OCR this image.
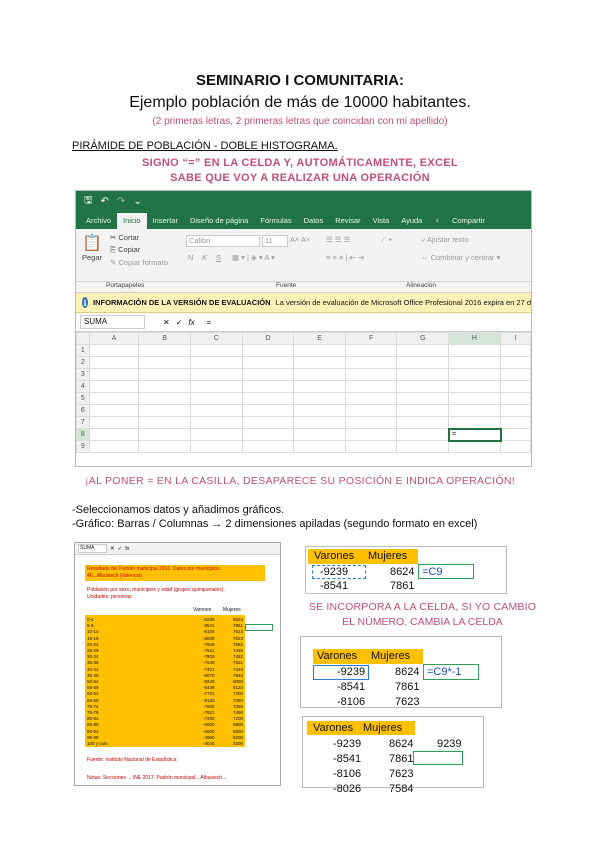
SEMINARIO I COMUNITARIA:
Ejemplo población de más de 10000 habitantes.
(2 primeras letras, 2 primeras letras que coincidan con mi apellido)
PIRÁMIDE DE POBLACIÓN - DOBLE HISTOGRAMA.
SIGNO “=” EN LA CELDA Y, AUTOMÁTICAMENTE, EXCEL
SABE QUE VOY A REALIZAR UNA OPERACIÓN
🖫 ↶ ↷ ⌄
Archivo	Inicio	Insertar	Diseño de página	Fórmulas	Datos	Revisar	Vista	Ayuda	♀	Compartir
📋
Pegar
✂ Cortar
⎘ Copiar
✎ Copiar formato
Calibri	11	A˄ A˅
N K S ▦ ▾ | ◈ ▾ A ▾
☰ ☰ ☰
≡ ≡ ≡ | ⇤ ⇥
⟋ ▾	⤶ Ajustar texto
⇔ Combinar y centrar ▾
Portapapeles	Fuente	Alineación
i INFORMACIÓN DE LA VERSIÓN DE EVALUACIÓN La versión de evaluación de Microsoft Office Profesional 2016 expira en 27 d
SUMA	✕ ✓ fx =
	A	B	C	D	E	F	G	H	I
1									
2									
3									
4									
5									
6									
7									
8									
9									
=
¡AL PONER = EN LA CASILLA, DESAPARECE SU POSICIÓN E INDICA OPERACIÓN!
-Seleccionamos datos y añadimos gráficos.
-Gráfico: Barras / Columnas → 2 dimensiones apiladas (segundo formato en excel)
SUMA	✕ ✓ fx
Resultado del Padrón municipal 2016. Datos por municipios.
46...Albuixech (Valencia)
Población por sexo, municipios y edad (grupos quinquenales).
Unidades: personas
Varones Mujeres
0-4	-9239	8624
5-9	-8541	7861
10-14	-8106	7623
15-19	-8008	7623
20-24	-7949	7582
25-29	-7621	7436
30-34	-7800	7452
35-39	-7640	7531
40-44	-7401	7440
45-49	-8070	7840
50-54	-8240	8000
55-59	-8449	8120
60-64	-7731	7400
65-69	-8120	7350
70-74	-7800	7350
75-79	-7621	7450
80-84	-7200	7200
85-89	-6800	6900
90-94	-6600	6500
95-99	-4960	5200
100 y más	-3040	3300
Fuente: Instituto Nacional de Estadística
Notas: Secciones ... INE 2017. Padrón municipal... Albuixech...
Varones Mujeres
-9239	8624 =C9
-8541	7861
SE INCORPORA A LA CELDA, SI YO CAMBIO
EL NÚMERO, CAMBIA LA CELDA
Varones Mujeres
-9239	8624 =C9*-1
-8541	7861
-8106	7623
Varones Mujeres
-9239	8624 9239
-8541	7861
-8106	7623
-8026	7584
